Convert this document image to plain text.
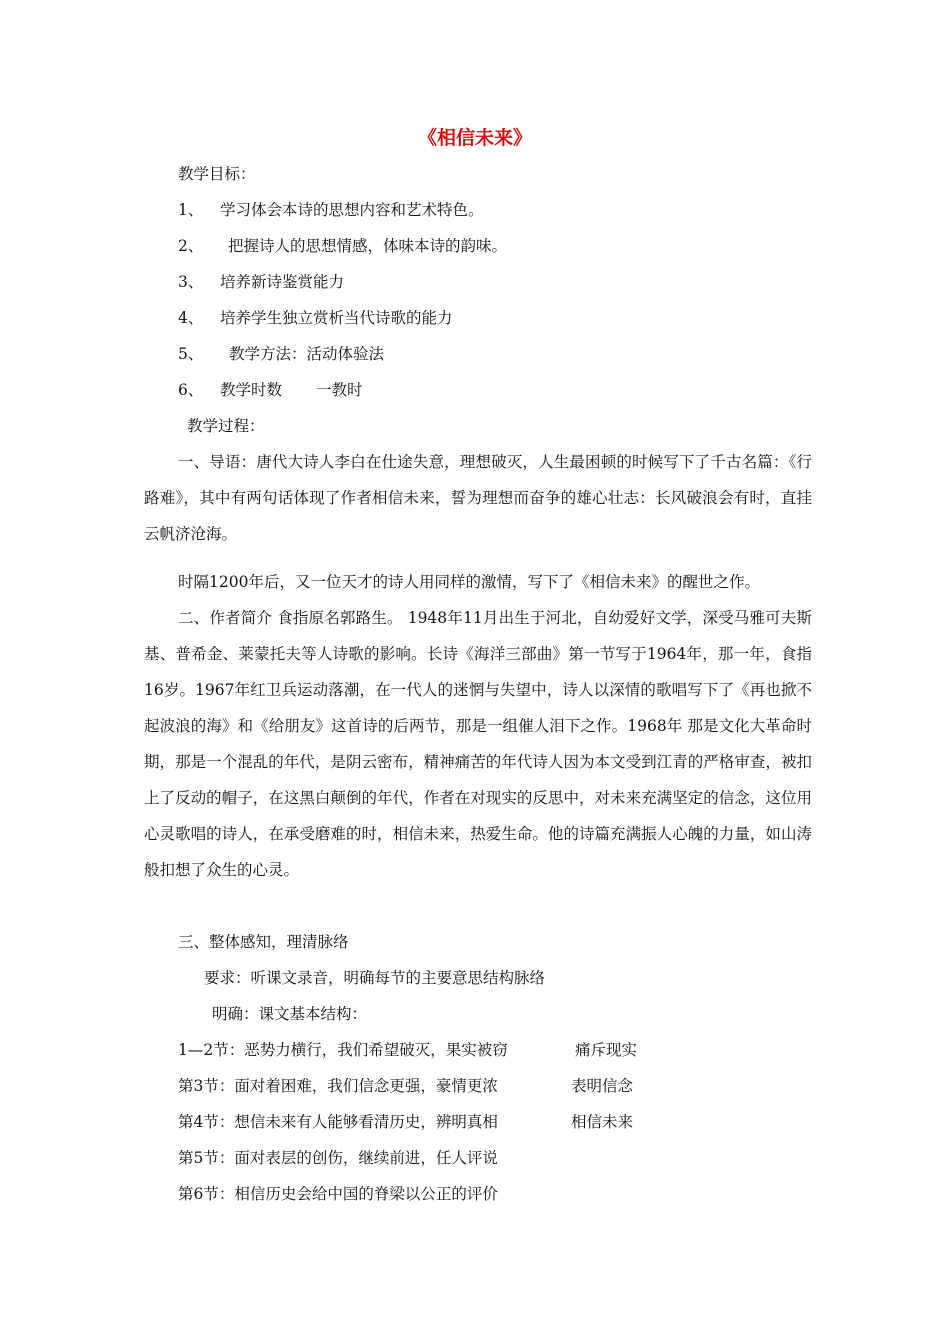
《相信未来》
教学目标：
1、 学习体会本诗的思想内容和艺术特色。
2、 把握诗人的思想情感，体味本诗的韵味。
3、 培养新诗鉴赏能力
4、 培养学生独立赏析当代诗歌的能力
5、 教学方法：活动体验法
6、 教学时数 一教时
教学过程：
一、导语：唐代大诗人李白在仕途失意，理想破灭，人生最困顿的时候写下了千古名篇：《行路难》，其中有两句话体现了作者相信未来，誓为理想而奋争的雄心壮志：长风破浪会有时，直挂云帆济沧海。
时隔1200年后，又一位天才的诗人用同样的激情，写下了《相信未来》的醒世之作。
二、作者简介 食指原名郭路生。 1948年11月出生于河北，自幼爱好文学，深受马雅可夫斯基、普希金、莱蒙托夫等人诗歌的影响。长诗《海洋三部曲》第一节写于1964年，那一年，食指16岁。1967年红卫兵运动落潮，在一代人的迷惘与失望中，诗人以深情的歌唱写下了《再也掀不起波浪的海》和《给朋友》这首诗的后两节，那是一组催人泪下之作。1968年 那是文化大革命时期，那是一个混乱的年代，是阴云密布，精神痛苦的年代诗人因为本文受到江青的严格审查，被扣上了反动的帽子，在这黑白颠倒的年代，作者在对现实的反思中，对未来充满坚定的信念，这位用心灵歌唱的诗人，在承受磨难的时，相信未来，热爱生命。他的诗篇充满振人心魄的力量，如山涛般扣想了众生的心灵。
三、整体感知，理清脉络
要求：听课文录音，明确每节的主要意思结构脉络
明确：课文基本结构：
1—2节：恶势力横行，我们希望破灭，果实被窃	痛斥现实
第3节：面对着困难，我们信念更强，豪情更浓	表明信念
第4节：想信未来有人能够看清历史，辨明真相	相信未来
第5节：面对表层的创伤，继续前进，任人评说
第6节：相信历史会给中国的脊梁以公正的评价
